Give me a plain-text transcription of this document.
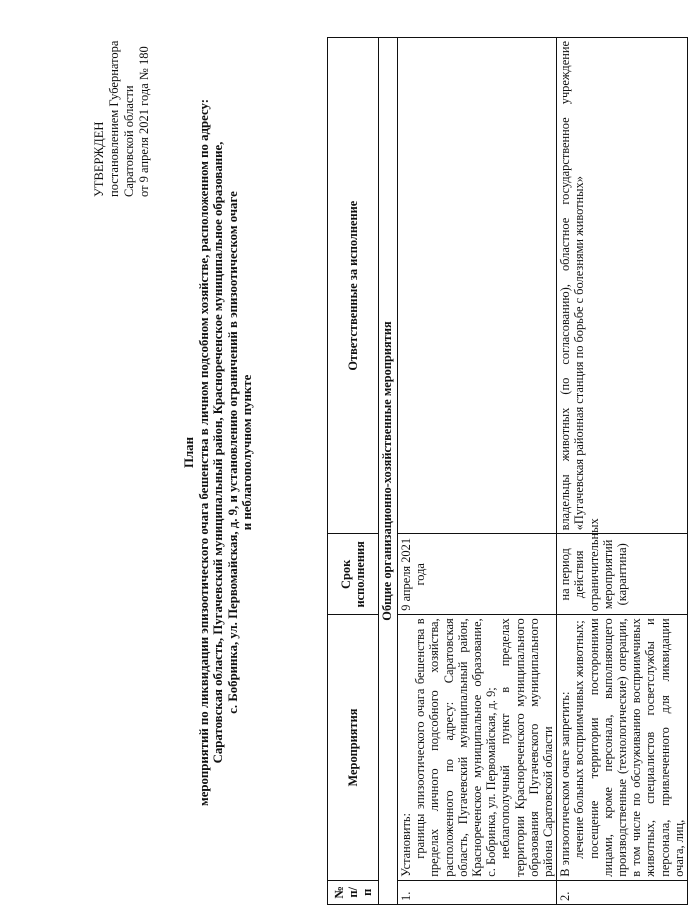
УТВЕРЖДЕН постановлением Губернатора Саратовской области от 9 апреля 2021 года № 180
План мероприятий по ликвидации эпизоотического очага бешенства в личном подсобном хозяйстве, расположенном по адресу: Саратовская область, Пугачевский муниципальный район, Краснореченское муниципальное образование, с. Бобринка, ул. Первомайская, д. 9, и установлению ограничений в эпизоотическом очаге и неблагополучном пункте
№ п/п	Мероприятия	Срок исполнения	Ответственные за исполнение
Общие организационно-хозяйственные мероприятия			
1.	Установить: границы эпизоотического очага бешенства в пределах личного подсобного хозяйства, расположенного по адресу: Саратовская область, Пугачевский муниципальный район, Краснореченское муниципальное образование, с. Бобринка, ул. Первомайская, д. 9; неблагополучный пункт в пределах территории Краснореченского муниципального образования Пугачевского муниципального района Саратовской области	9 апреля 2021 года	
2.	В эпизоотическом очаге запретить: лечение больных восприимчивых животных; посещение территории посторонними лицами, кроме персонала, выполняющего производственные (технологические) операции, в том числе по обслуживанию восприимчивых животных, специалистов госветслужбы и персонала, привлеченного для ликвидации очага, лиц,	на период действия ограничительных мероприятий (карантина)	владельцы животных (по согласованию), областное государственное учреждение «Пугачевская районная станция по борьбе с болезнями животных»
